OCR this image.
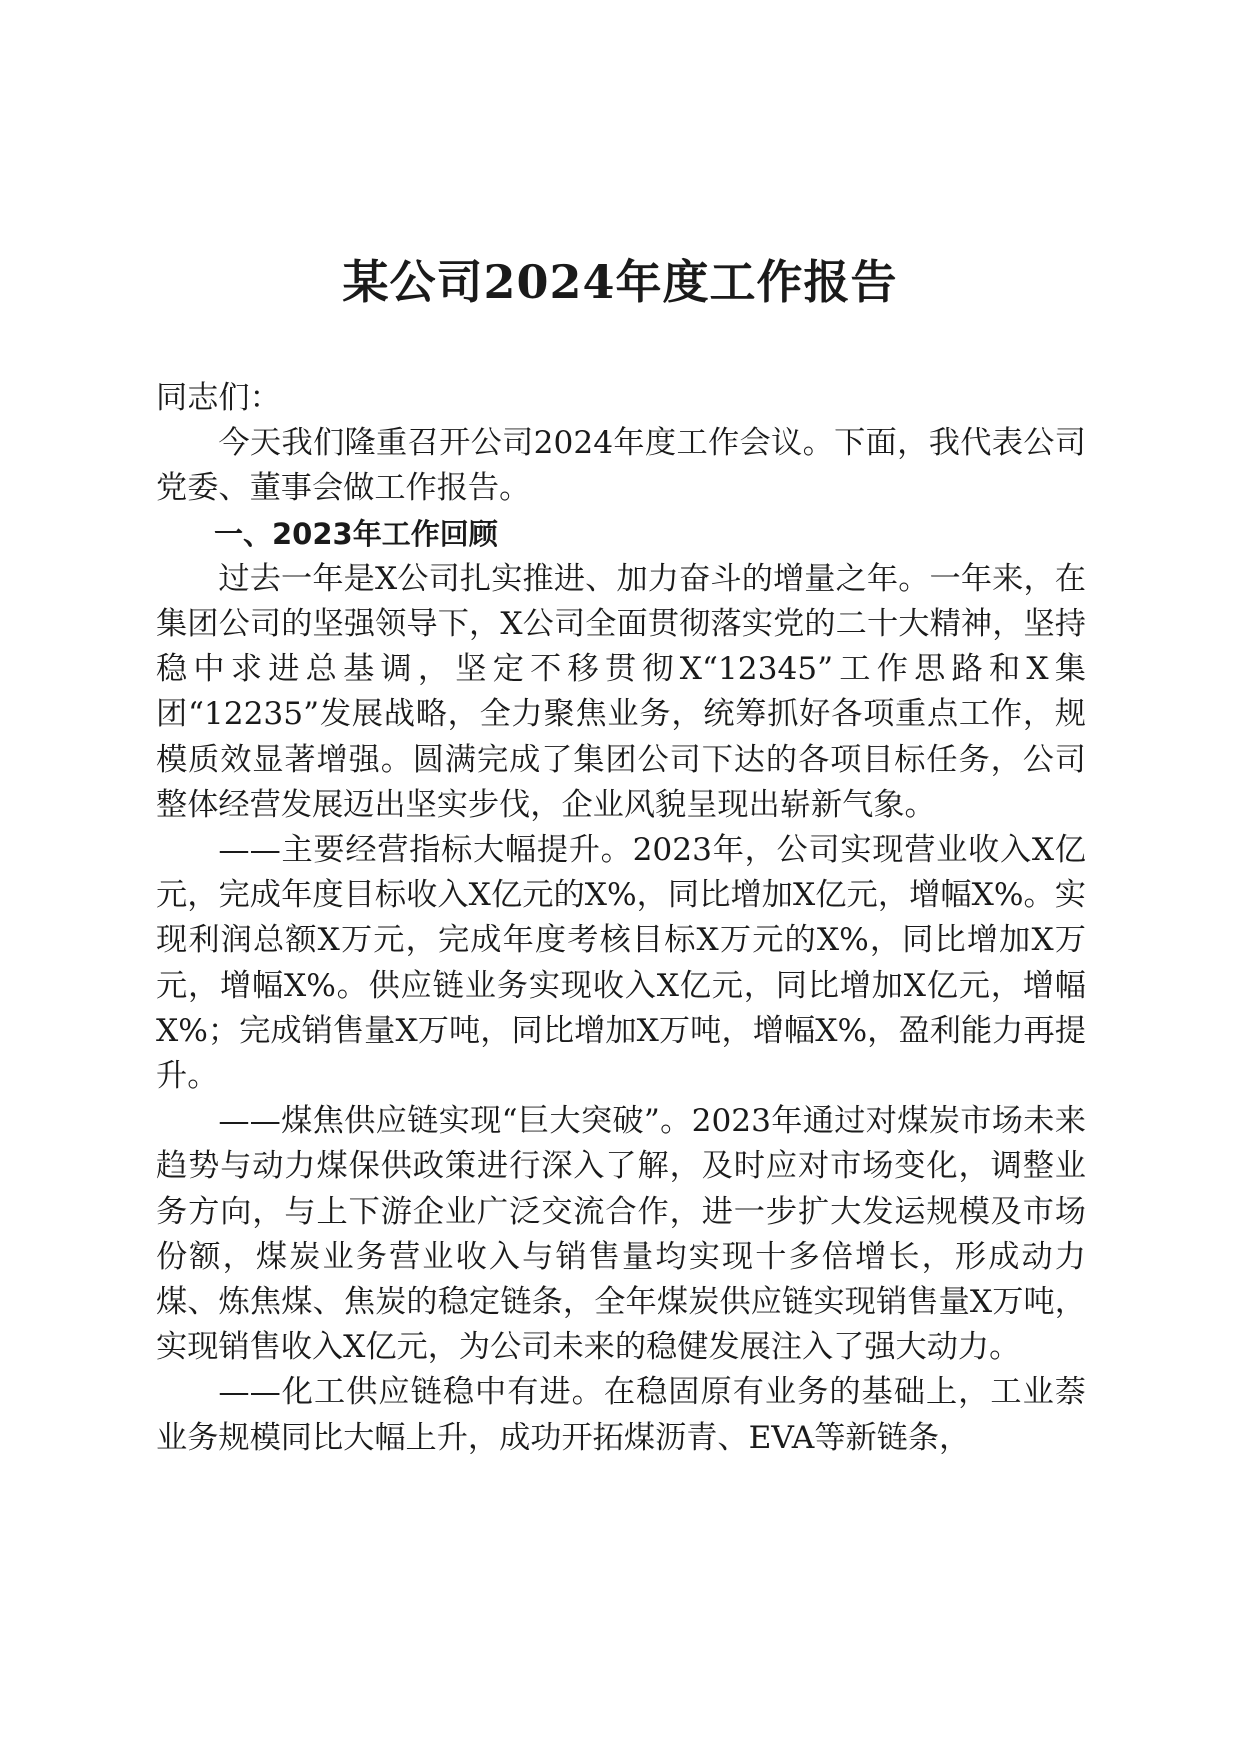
某公司2024年度工作报告

同志们：

今天我们隆重召开公司2024年度工作会议。下面，我代表公司党委、董事会做工作报告。

一、2023年工作回顾

过去一年是X公司扎实推进、加力奋斗的增量之年。一年来，在集团公司的坚强领导下，X公司全面贯彻落实党的二十大精神，坚持稳中求进总基调，坚定不移贯彻X“12345”工作思路和X集团“12235”发展战略，全力聚焦业务，统筹抓好各项重点工作，规模质效显著增强。圆满完成了集团公司下达的各项目标任务，公司整体经营发展迈出坚实步伐，企业风貌呈现出崭新气象。

——主要经营指标大幅提升。2023年，公司实现营业收入X亿元，完成年度目标收入X亿元的X%，同比增加X亿元，增幅X%。实现利润总额X万元，完成年度考核目标X万元的X%，同比增加X万元，增幅X%。供应链业务实现收入X亿元，同比增加X亿元，增幅X%；完成销售量X万吨，同比增加X万吨，增幅X%，盈利能力再提升。

——煤焦供应链实现“巨大突破”。2023年通过对煤炭市场未来趋势与动力煤保供政策进行深入了解，及时应对市场变化，调整业务方向，与上下游企业广泛交流合作，进一步扩大发运规模及市场份额，煤炭业务营业收入与销售量均实现十多倍增长，形成动力煤、炼焦煤、焦炭的稳定链条，全年煤炭供应链实现销售量X万吨，实现销售收入X亿元，为公司未来的稳健发展注入了强大动力。

——化工供应链稳中有进。在稳固原有业务的基础上，工业萘业务规模同比大幅上升，成功开拓煤沥青、EVA等新链条，
